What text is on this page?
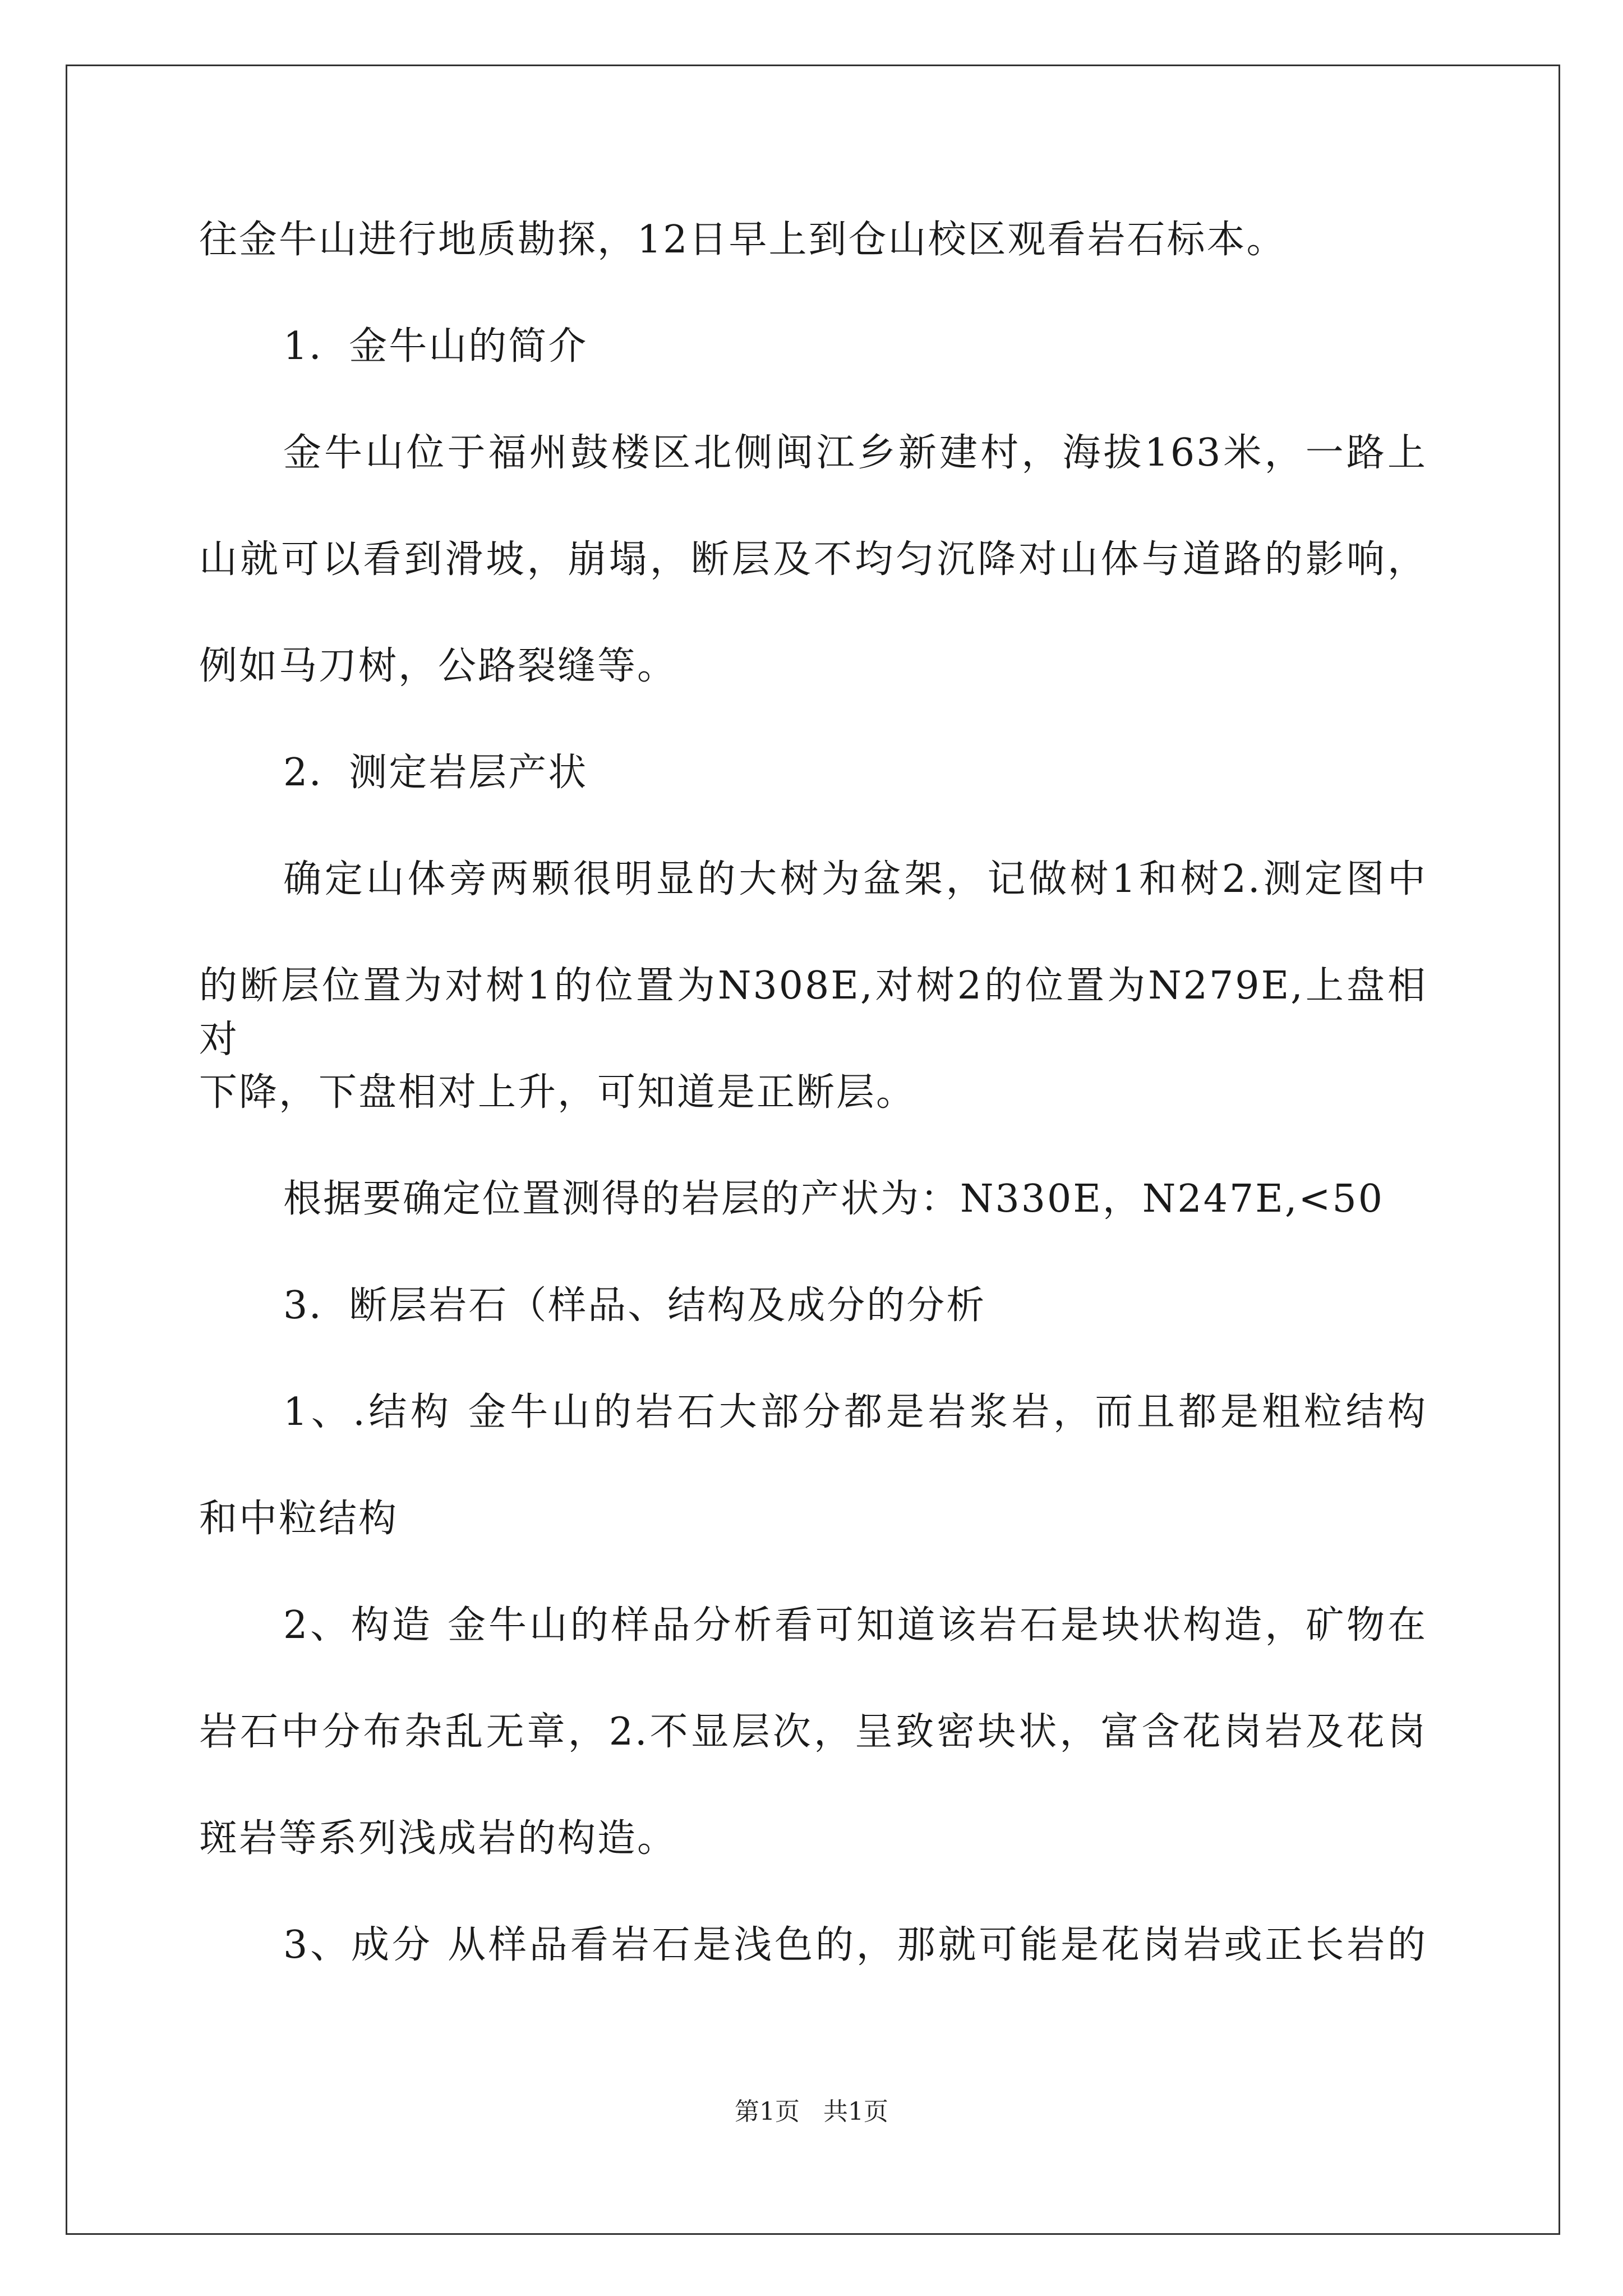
往金牛山进行地质勘探，12日早上到仓山校区观看岩石标本。
1．金牛山的简介
金牛山位于福州鼓楼区北侧闽江乡新建村，海拔163米，一路上
山就可以看到滑坡，崩塌，断层及不均匀沉降对山体与道路的影响，
例如马刀树，公路裂缝等。
2．测定岩层产状
确定山体旁两颗很明显的大树为盆架，记做树1和树2.测定图中
的断层位置为对树1的位置为N308E,对树2的位置为N279E,上盘相对
下降，下盘相对上升，可知道是正断层。
根据要确定位置测得的岩层的产状为：N330E，N247E,<50
3．断层岩石（样品、结构及成分的分析
1、.结构 金牛山的岩石大部分都是岩浆岩，而且都是粗粒结构
和中粒结构
2、构造 金牛山的样品分析看可知道该岩石是块状构造，矿物在
岩石中分布杂乱无章，2.不显层次，呈致密块状，富含花岗岩及花岗
斑岩等系列浅成岩的构造。
3、成分 从样品看岩石是浅色的，那就可能是花岗岩或正长岩的
第1页   共1页
